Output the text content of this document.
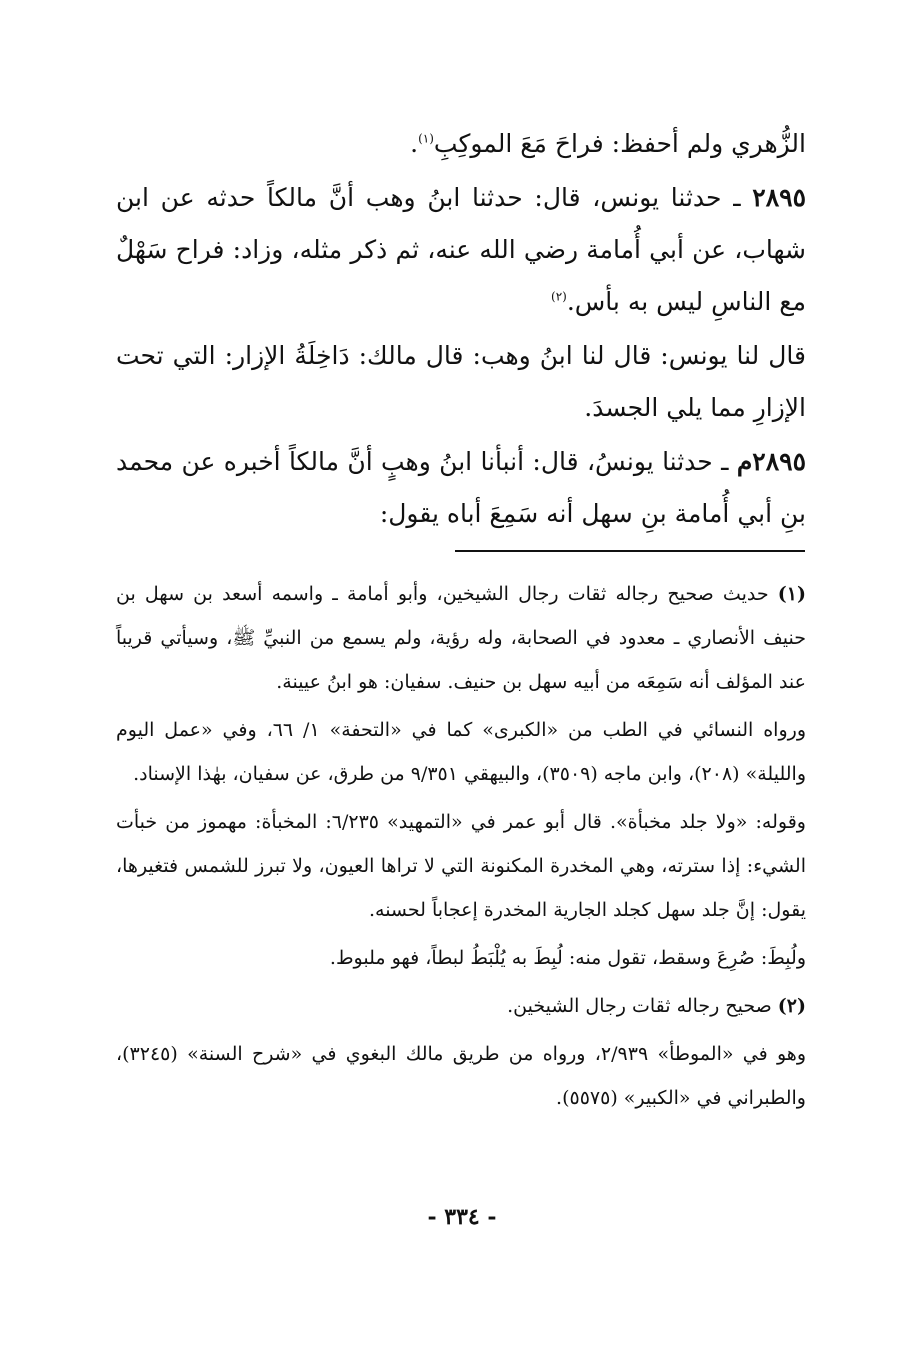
الزُّهري ولم أحفظ: فراحَ مَعَ الموكِبِ$^{(١)}$.

٢٨٩٥ ـ حدثنا يونس، قال: حدثنا ابنُ وهب أنَّ مالكاً حدثه عن ابن شهاب، عن أبي أُمامة رضي الله عنه، ثم ذكر مثله، وزاد: فراح سَهْلٌ مع الناسِ ليس به بأس.$^{(٢)}$

قال لنا يونس: قال لنا ابنُ وهب: قال مالك: دَاخِلَةُ الإزار: التي تحت الإزارِ مما يلي الجسدَ.

٢٨٩٥م ـ حدثنا يونسُ، قال: أنبأنا ابنُ وهبٍ أنَّ مالكاً أخبره عن محمد بنِ أبي أُمامة بنِ سهل أنه سَمِعَ أباه يقول:

(١) حديث صحيح رجاله ثقات رجال الشيخين، وأبو أمامة ـ واسمه أسعد بن سهل بن حنيف الأنصاري ـ معدود في الصحابة، وله رؤية، ولم يسمع من النبيِّ ﷺ، وسيأتي قريباً عند المؤلف أنه سَمِعَه من أبيه سهل بن حنيف. سفيان: هو ابنُ عيينة.

ورواه النسائي في الطب من «الكبرى» كما في «التحفة» ١/ ٦٦، وفي «عمل اليوم والليلة» (٢٠٨)، وابن ماجه (٣٥٠٩)، والبيهقي ٩/٣٥١ من طرق، عن سفيان، بهٰذا الإسناد.

وقوله: «ولا جلد مخبأة». قال أبو عمر في «التمهيد» ٦/٢٣٥: المخبأة: مهموز من خبأت الشيء: إذا سترته، وهي المخدرة المكنونة التي لا تراها العيون، ولا تبرز للشمس فتغيرها، يقول: إنَّ جلد سهل كجلد الجارية المخدرة إعجاباً لحسنه.

ولُبِطَ: صُرِعَ وسقط، تقول منه: لُبِطَ به يُلْبَطُ لبطاً، فهو ملبوط.

(٢) صحيح رجاله ثقات رجال الشيخين.

وهو في «الموطأ» ٢/٩٣٩، ورواه من طريق مالك البغوي في «شرح السنة» (٣٢٤٥)، والطبراني في «الكبير» (٥٥٧٥).

- ٣٣٤ -
